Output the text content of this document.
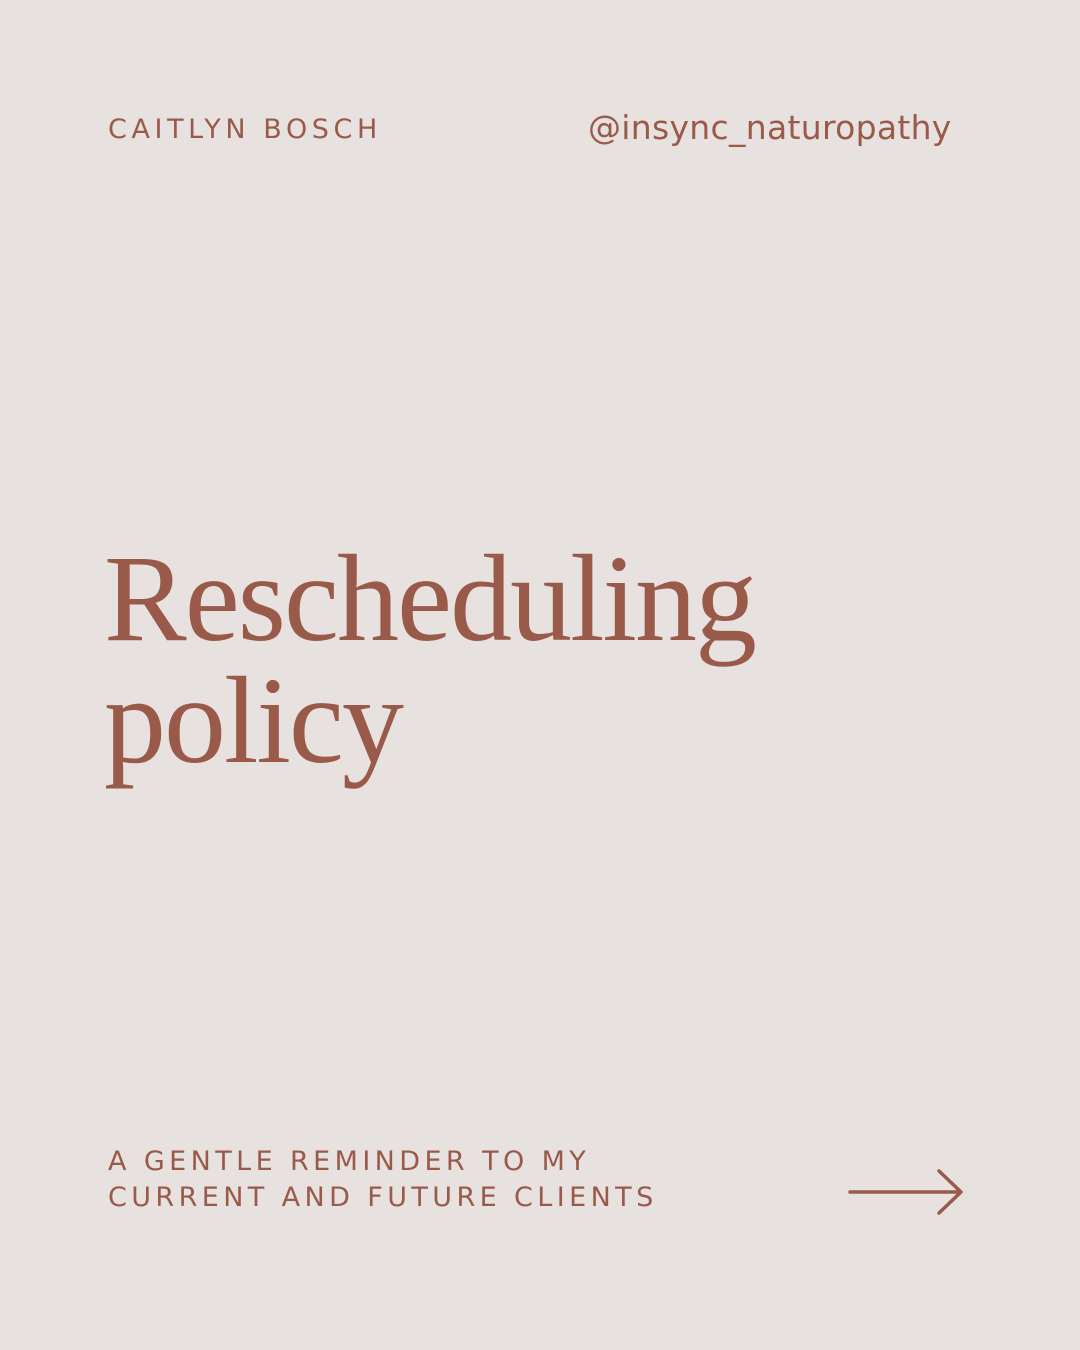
CAITLYN BOSCH	@insync_naturopathy
Rescheduling
policy
A GENTLE REMINDER TO MY
CURRENT AND FUTURE CLIENTS
